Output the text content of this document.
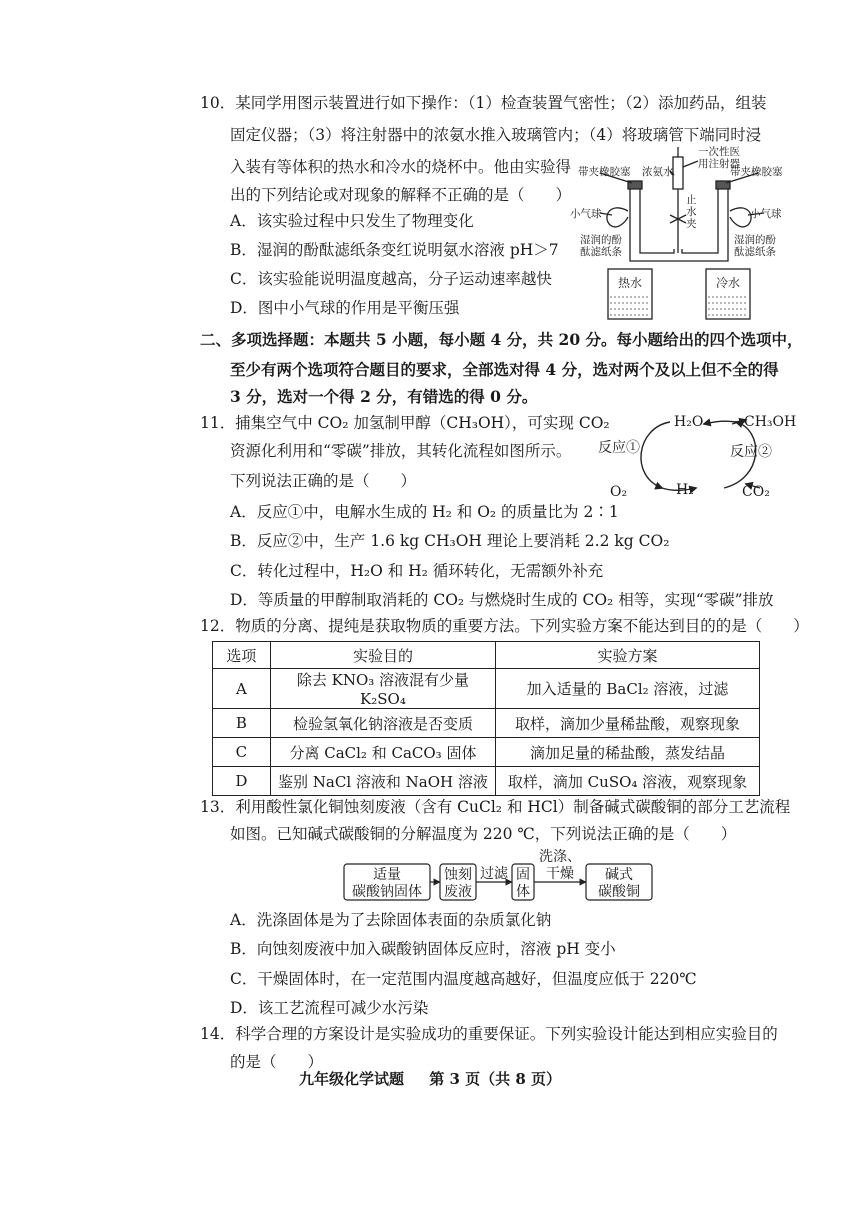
10．某同学用图示装置进行如下操作：（1）检查装置气密性；（2）添加药品，组装
固定仪器；（3）将注射器中的浓氨水推入玻璃管内；（4）将玻璃管下端同时浸
入装有等体积的热水和冷水的烧杯中。他由实验得
出的下列结论或对现象的解释不正确的是（　　）
A．该实验过程中只发生了物理变化
B．湿润的酚酞滤纸条变红说明氨水溶液 pH＞7
C．该实验能说明温度越高，分子运动速率越快
D．图中小气球的作用是平衡压强
一次性医
用注射器
带夹橡胶塞 浓氨水	带夹橡胶塞
止
水
夹
小气球	小气球
湿润的酚
酞滤纸条
湿润的酚
酞滤纸条
热水	冷水
二、多项选择题：本题共 5 小题，每小题 4 分，共 20 分。每小题给出的四个选项中，
至少有两个选项符合题目的要求，全部选对得 4 分，选对两个及以上但不全的得
3 分，选对一个得 2 分，有错选的得 0 分。
11．捕集空气中 CO₂ 加氢制甲醇（CH₃OH），可实现 CO₂
资源化利用和“零碳”排放，其转化流程如图所示。
下列说法正确的是（　　）
A．反应①中，电解水生成的 H₂ 和 O₂ 的质量比为 2∶1
B．反应②中，生产 1.6 kg CH₃OH 理论上要消耗 2.2 kg CO₂
C．转化过程中，H₂O 和 H₂ 循环转化，无需额外补充
D．等质量的甲醇制取消耗的 CO₂ 与燃烧时生成的 CO₂ 相等，实现“零碳”排放
H₂O	CH₃OH
反应①	反应②
O₂	H₂	CO₂
12．物质的分离、提纯是获取物质的重要方法。下列实验方案不能达到目的的是（　　）
选项	实验目的	实验方案
A	除去 KNO₃ 溶液混有少量 K₂SO₄	加入适量的 BaCl₂ 溶液，过滤
B	检验氢氧化钠溶液是否变质	取样，滴加少量稀盐酸，观察现象
C	分离 CaCl₂ 和 CaCO₃ 固体	滴加足量的稀盐酸，蒸发结晶
D	鉴别 NaCl 溶液和 NaOH 溶液	取样，滴加 CuSO₄ 溶液，观察现象
13．利用酸性氯化铜蚀刻废液（含有 CuCl₂ 和 HCl）制备碱式碳酸铜的部分工艺流程
如图。已知碱式碳酸铜的分解温度为 220 ℃，下列说法正确的是（　　）
适量
碳酸钠固体
蚀刻
废液
过滤 固
体
洗涤、
干燥 碱式
碳酸铜
A．洗涤固体是为了去除固体表面的杂质氯化钠
B．向蚀刻废液中加入碳酸钠固体反应时，溶液 pH 变小
C．干燥固体时，在一定范围内温度越高越好，但温度应低于 220℃
D．该工艺流程可减少水污染
14．科学合理的方案设计是实验成功的重要保证。下列实验设计能达到相应实验目的
的是（　　）
九年级化学试题 第 3 页（共 8 页）
